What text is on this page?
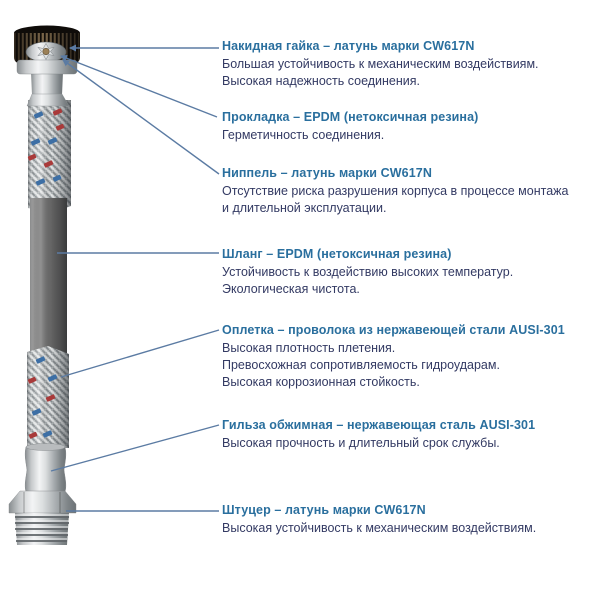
Накидная гайка – латунь марки CW617N

Большая устойчивость к механическим воздействиям.

Высокая надежность соединения.

Прокладка – EPDM (нетоксичная резина)

Герметичность соединения.

Ниппель – латунь марки CW617N

Отсутствие риска разрушения корпуса в процессе монтажа

и длительной эксплуатации.

Шланг – EPDM (нетоксичная резина)

Устойчивость к воздействию высоких температур.

Экологическая чистота.

Оплетка – проволока из нержавеющей стали AUSI-301

Высокая плотность плетения.

Превосхожная сопротивляемость гидроударам.

Высокая коррозионная стойкость.

Гильза обжимная – нержавеющая сталь AUSI-301

Высокая прочность и длительный срок службы.

Штуцер – латунь марки CW617N

Высокая устойчивость к механическим воздействиям.
